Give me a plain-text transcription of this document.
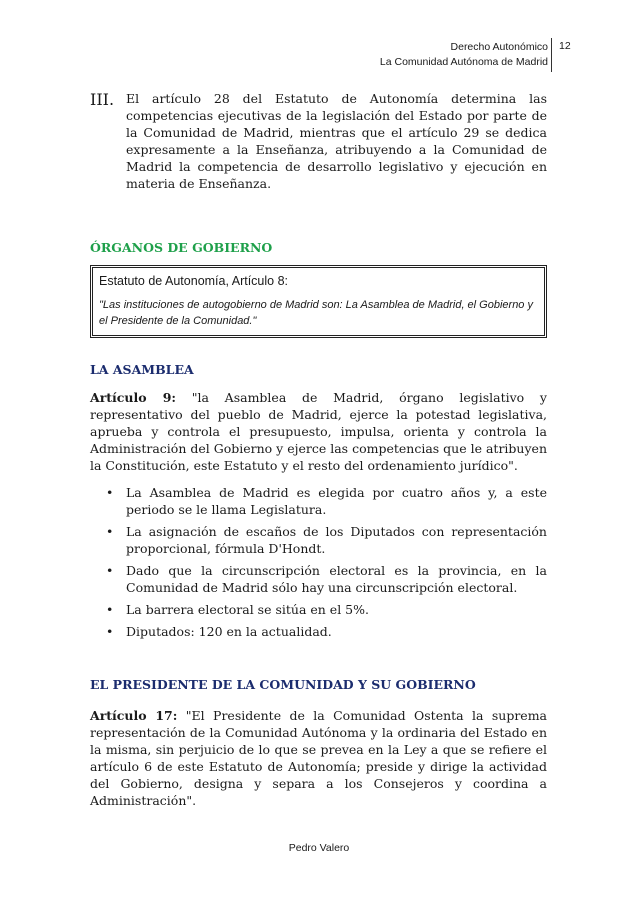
Derecho Autonómico
La Comunidad Autónoma de Madrid
12
III. El artículo 28 del Estatuto de Autonomía determina las competencias ejecutivas de la legislación del Estado por parte de la Comunidad de Madrid, mientras que el artículo 29 se dedica expresamente a la Enseñanza, atribuyendo a la Comunidad de Madrid la competencia de desarrollo legislativo y ejecución en materia de Enseñanza.

ÓRGANOS DE GOBIERNO
Estatuto de Autonomía, Artículo 8:
"Las instituciones de autogobierno de Madrid son: La Asamblea de Madrid, el Gobierno y el Presidente de la Comunidad."
LA ASAMBLEA

Artículo 9: "la Asamblea de Madrid, órgano legislativo y representativo del pueblo de Madrid, ejerce la potestad legislativa, aprueba y controla el presupuesto, impulsa, orienta y controla la Administración del Gobierno y ejerce las competencias que le atribuyen la Constitución, este Estatuto y el resto del ordenamiento jurídico".

• La Asamblea de Madrid es elegida por cuatro años y, a este periodo se le llama Legislatura.
• La asignación de escaños de los Diputados con representación proporcional, fórmula D'Hondt.
• Dado que la circunscripción electoral es la provincia, en la Comunidad de Madrid sólo hay una circunscripción electoral.
• La barrera electoral se sitúa en el 5%.
• Diputados: 120 en la actualidad.
EL PRESIDENTE DE LA COMUNIDAD Y SU GOBIERNO

Artículo 17: "El Presidente de la Comunidad Ostenta la suprema representación de la Comunidad Autónoma y la ordinaria del Estado en la misma, sin perjuicio de lo que se prevea en la Ley a que se refiere el artículo 6 de este Estatuto de Autonomía; preside y dirige la actividad del Gobierno, designa y separa a los Consejeros y coordina a Administración".

Pedro Valero
